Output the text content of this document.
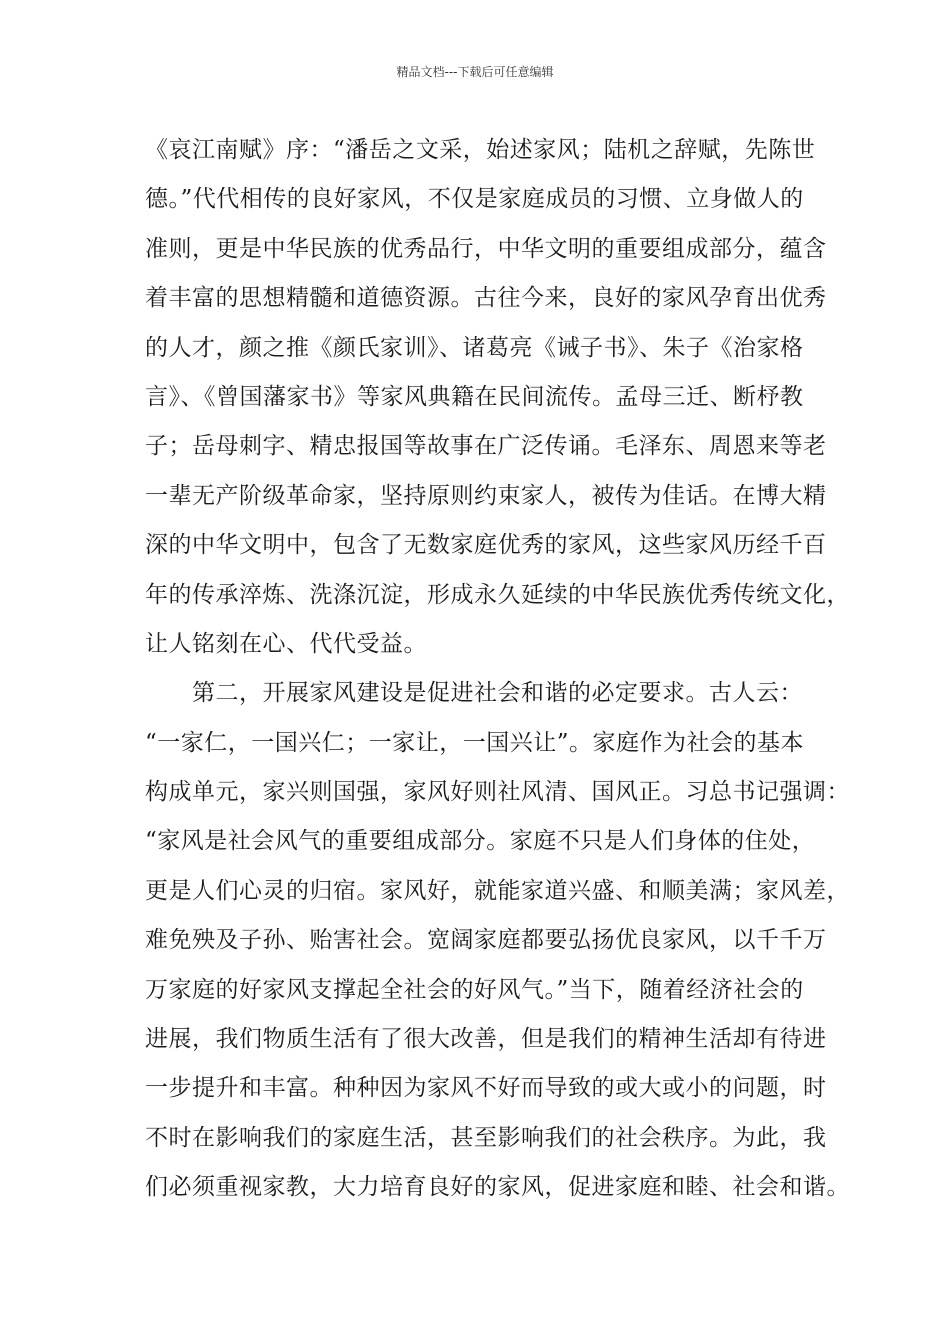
精品文档---下载后可任意编辑
《哀江南赋》序：“潘岳之文采，始述家风；陆机之辞赋，先陈世
德。”代代相传的良好家风，不仅是家庭成员的习惯、立身做人的
准则，更是中华民族的优秀品行，中华文明的重要组成部分，蕴含
着丰富的思想精髓和道德资源。古往今来，良好的家风孕育出优秀
的人才，颜之推《颜氏家训》、诸葛亮《诫子书》、朱子《治家格
言》、《曾国藩家书》等家风典籍在民间流传。孟母三迁、断杼教
子；岳母刺字、精忠报国等故事在广泛传诵。毛泽东、周恩来等老
一辈无产阶级革命家，坚持原则约束家人，被传为佳话。在博大精
深的中华文明中，包含了无数家庭优秀的家风，这些家风历经千百
年的传承淬炼、洗涤沉淀，形成永久延续的中华民族优秀传统文化，
让人铭刻在心、代代受益。
　　第二，开展家风建设是促进社会和谐的必定要求。古人云：
“一家仁，一国兴仁；一家让，一国兴让”。家庭作为社会的基本
构成单元，家兴则国强，家风好则社风清、国风正。习总书记强调：
“家风是社会风气的重要组成部分。家庭不只是人们身体的住处，
更是人们心灵的归宿。家风好，就能家道兴盛、和顺美满；家风差，
难免殃及子孙、贻害社会。宽阔家庭都要弘扬优良家风，以千千万
万家庭的好家风支撑起全社会的好风气。”当下，随着经济社会的
进展，我们物质生活有了很大改善，但是我们的精神生活却有待进
一步提升和丰富。种种因为家风不好而导致的或大或小的问题，时
不时在影响我们的家庭生活，甚至影响我们的社会秩序。为此，我
们必须重视家教，大力培育良好的家风，促进家庭和睦、社会和谐。
